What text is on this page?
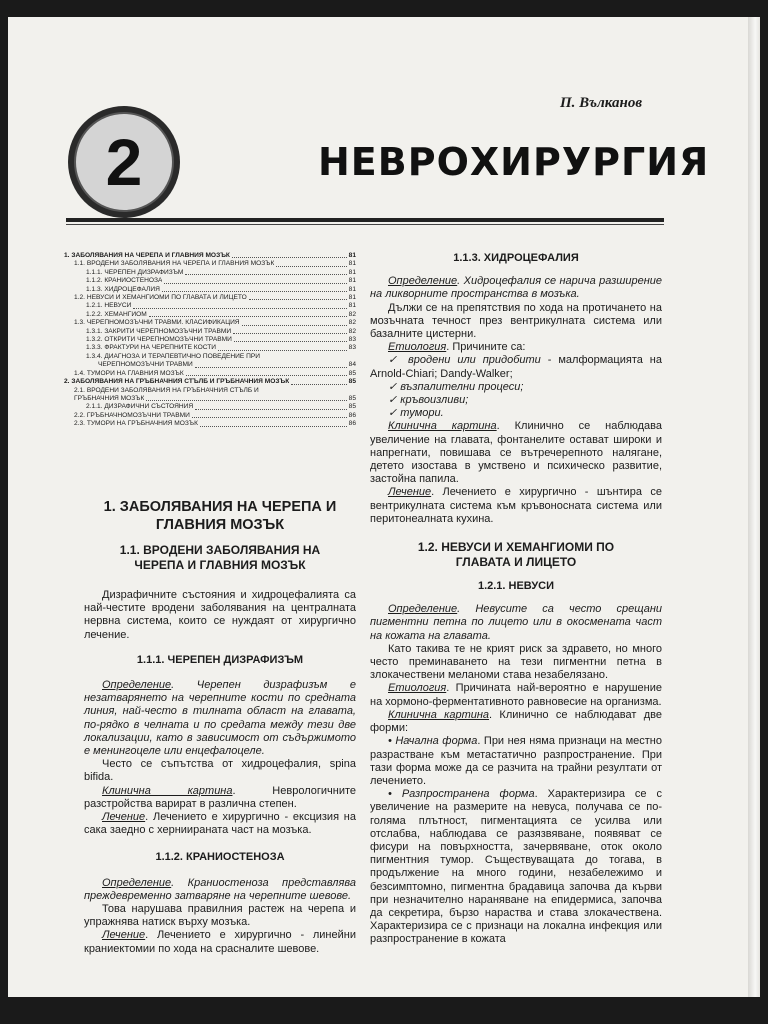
П. Вълканов
2	НЕВРОХИРУРГИЯ
1. ЗАБОЛЯВАНИЯ НА ЧЕРЕПА И ГЛАВНИЯ МОЗЪК	81
1.1. ВРОДЕНИ ЗАБОЛЯВАНИЯ НА ЧЕРЕПА И ГЛАВНИЯ МОЗЪК	81
1.1.1. ЧЕРЕПЕН ДИЗРАФИЗЪМ	81
1.1.2. КРАНИОСТЕНОЗА	81
1.1.3. ХИДРОЦЕФАЛИЯ	81
1.2. НЕВУСИ И ХЕМАНГИОМИ ПО ГЛАВАТА И ЛИЦЕТО	81
1.2.1. НЕВУСИ	81
1.2.2. ХЕМАНГИОМ	82
1.3. ЧЕРЕПНОМОЗЪЧНИ ТРАВМИ. КЛАСИФИКАЦИЯ	82
1.3.1. ЗАКРИТИ ЧЕРЕПНОМОЗЪЧНИ ТРАВМИ	82
1.3.2. ОТКРИТИ ЧЕРЕПНОМОЗЪЧНИ ТРАВМИ	83
1.3.3. ФРАКТУРИ НА ЧЕРЕПНИТЕ КОСТИ	83
1.3.4. ДИАГНОЗА И ТЕРАПЕВТИЧНО ПОВЕДЕНИЕ ПРИ
ЧЕРЕПНОМОЗЪЧНИ ТРАВМИ	84
1.4. ТУМОРИ НА ГЛАВНИЯ МОЗЪК	85
2. ЗАБОЛЯВАНИЯ НА ГРЪБНАЧНИЯ СТЪЛБ И ГРЪБНАЧНИЯ МОЗЪК	85
2.1. ВРОДЕНИ ЗАБОЛЯВАНИЯ НА ГРЪБНАЧНИЯ СТЪЛБ И
ГРЪБНАЧНИЯ МОЗЪК	85
2.1.1. ДИЗРАФИЧНИ СЪСТОЯНИЯ	85
2.2. ГРЪБНАЧНОМОЗЪЧНИ ТРАВМИ	86
2.3. ТУМОРИ НА ГРЪБНАЧНИЯ МОЗЪК	86
1. ЗАБОЛЯВАНИЯ НА ЧЕРЕПА И ГЛАВНИЯ МОЗЪК
1.1. ВРОДЕНИ ЗАБОЛЯВАНИЯ НА ЧЕРЕПА И ГЛАВНИЯ МОЗЪК

Дизрафичните състояния и хидроцефалията са най-честите вродени заболявания на централната нервна система, които се нуждаят от хирургично лечение.

1.1.1. ЧЕРЕПЕН ДИЗРАФИЗЪМ

Определение. Черепен дизрафизъм е незатварянето на черепните кости по средната линия, най-често в тилната област на главата, по-рядко в челната и по средата между тези две локализации, като в зависимост от съдържимото е менингоцеле или енцефалоцеле.

Често се съпътства от хидроцефалия, spina bifida.

Клинична картина. Неврологичните разстройства варират в различна степен.

Лечение. Лечението е хирургично - ексцизия на сака заедно с херниираната част на мозъка.

1.1.2. КРАНИОСТЕНОЗА

Определение. Краниостеноза представлява преждевременно затваряне на черепните шевове.

Това нарушава правилния растеж на черепа и упражнява натиск върху мозъка.

Лечение. Лечението е хирургично - линейни краниектомии по хода на срасналите шевове.

1.1.3. ХИДРОЦЕФАЛИЯ

Определение. Хидроцефалия се нарича разширение на ликворните пространства в мозъка.

Дължи се на препятствия по хода на протичането на мозъчната течност през вентрикулната система или базалните цистерни.

Етиология. Причините са:

✓ вродени или придобити - малформацията на Arnold-Chiari; Dandy-Walker;

✓ възпалителни процеси;

✓ кръвоизливи;

✓ тумори.

Клинична картина. Клинично се наблюдава увеличение на главата, фонтанелите остават широки и напрегнати, повишава се вътречерепното налягане, детето изостава в умствено и психическо развитие, застойна папила.

Лечение. Лечението е хирургично - шънтира се вентрикулната система към кръвоносната система или перитонеалната кухина.

1.2. НЕВУСИ И ХЕМАНГИОМИ ПО ГЛАВАТА И ЛИЦЕТО
1.2.1. НЕВУСИ

Определение. Невусите са често срещани пигментни петна по лицето или в окосмената част на кожата на главата.

Като такива те не крият риск за здравето, но много често преминаването на тези пигментни петна в злокачествени меланоми става незабелязано.

Етиология. Причината най-вероятно е нарушение на хормоно-ферментативното равновесие на организма.

Клинична картина. Клинично се наблюдават две форми:

• Начална форма. При нея няма признаци на местно разрастване към метастатично разпространение. При тази форма може да се разчита на трайни резултати от лечението.

• Разпространена форма. Характеризира се с увеличение на размерите на невуса, получава се по-голяма плътност, пигментацията се усилва или отслабва, наблюдава се разязвяване, появяват се фисури на повърхността, зачервяване, оток около пигментния тумор. Съществуващата до тогава, в продължение на много години, незабележимо и безсимптомно, пигментна брадавица започва да кърви при незначително нараняване на епидермиса, започва да секретира, бързо нараства и става злокачествена. Характеризира се с признаци на локална инфекция или разпространение в кожата
